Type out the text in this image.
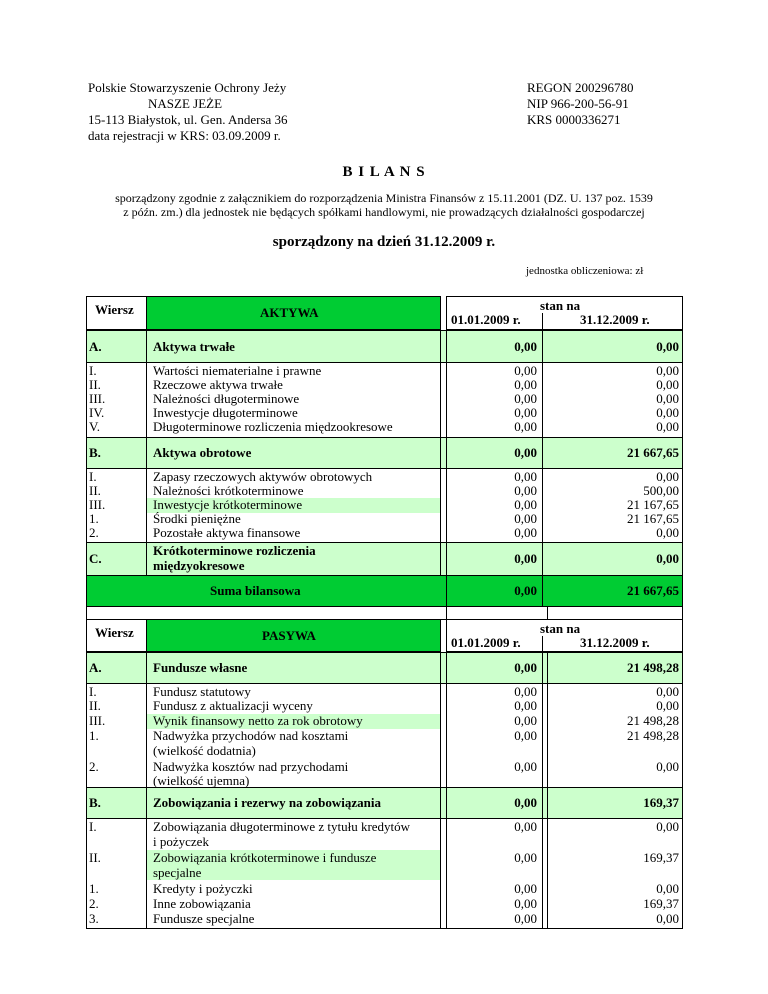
Polskie Stowarzyszenie Ochrony Jeży
NASZE JEŻE
15-113 Białystok, ul. Gen. Andersa 36
data rejestracji w KRS: 03.09.2009 r.
REGON 200296780
NIP 966-200-56-91
KRS 0000336271
B I L A N S
sporządzony zgodnie z załącznikiem do rozporządzenia Ministra Finansów z 15.11.2001 (DZ. U. 137 poz. 1539
z późn. zm.) dla jednostek nie będących spółkami handlowymi, nie prowadzących działalności gospodarczej
sporządzony na dzień 31.12.2009 r.
jednostka obliczeniowa: zł
Wiersz	AKTYWA	stan na
01.01.2009 r.	31.12.2009 r.
A.	Aktywa trwałe	0,00	0,00
I.	Wartości niematerialne i prawne	0,00	0,00
II.	Rzeczowe aktywa trwałe	0,00	0,00
III.	Należności długoterminowe	0,00	0,00
IV.	Inwestycje długoterminowe	0,00	0,00
V.	Długoterminowe rozliczenia międzookresowe	0,00	0,00
B.	Aktywa obrotowe	0,00	21 667,65
I.	Zapasy rzeczowych aktywów obrotowych	0,00	0,00
II.	Należności krótkoterminowe	0,00	500,00
III.	Inwestycje krótkoterminowe	0,00	21 167,65
1.	Środki pieniężne	0,00	21 167,65
2.	Pozostałe aktywa finansowe	0,00	0,00
C.
Krótkoterminowe rozliczenia
międzyokresowe	0,00	0,00
Suma bilansowa	0,00	21 667,65
Wiersz	PASYWA	stan na
01.01.2009 r.	31.12.2009 r.
A.	Fundusze własne	0,00	21 498,28
I.	Fundusz statutowy	0,00	0,00
II.	Fundusz z aktualizacji wyceny	0,00	0,00
III.	Wynik finansowy netto za rok obrotowy	0,00	21 498,28
1.	Nadwyżka przychodów nad kosztami
(wielkość dodatnia)
0,00	21 498,28
2.	Nadwyżka kosztów nad przychodami
(wielkość ujemna)
0,00	0,00
B.	Zobowiązania i rezerwy na zobowiązania	0,00	169,37
I.	Zobowiązania długoterminowe z tytułu kredytów
i pożyczek
0,00	0,00
II.	Zobowiązania krótkoterminowe i fundusze
specjalne
0,00	169,37
1.	Kredyty i pożyczki	0,00	0,00
2.	Inne zobowiązania	0,00	169,37
3.	Fundusze specjalne	0,00	0,00
